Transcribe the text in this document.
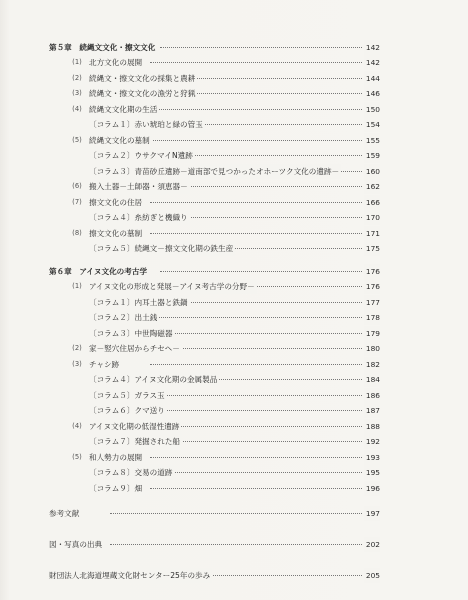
第５章　続縄文文化・擦文文化	142
(1) 北方文化の展開	142
(2) 続縄文・擦文文化の採集と農耕	144
(3) 続縄文・擦文文化の漁労と狩猟	146
(4) 続縄文文化期の生活	150
〔コラム１〕赤い琥珀と緑の管玉	154
(5) 続縄文文化の墓制	155
〔コラム２〕ウサクマイN遺跡	159
〔コラム３〕青苗砂丘遺跡－道南部で見つかったオホーツク文化の遺跡－	160
(6) 搬入土器－土師器・須恵器－	162
(7) 擦文文化の住居	166
〔コラム４〕糸紡ぎと機織り	170
(8) 擦文文化の墓制	171
〔コラム５〕続縄文－擦文文化期の鉄生産	175
第６章　アイヌ文化の考古学	176
(1) アイヌ文化の形成と発展－アイヌ考古学の分野－	176
〔コラム１〕内耳土器と鉄鍋	177
〔コラム２〕出土銭	178
〔コラム３〕中世陶磁器	179
(2) 家－竪穴住居からチセヘ－	180
(3) チャシ跡	182
〔コラム４〕アイヌ文化期の金属製品	184
〔コラム５〕ガラス玉	186
〔コラム６〕クマ送り	187
(4) アイヌ文化期の低湿性遺跡	188
〔コラム７〕発掘された船	192
(5) 和人勢力の展開	193
〔コラム８〕交易の道跡	195
〔コラム９〕畑	196
参考文献	197
図・写真の出典	202
財団法人北海道埋蔵文化財センター25年の歩み	205
